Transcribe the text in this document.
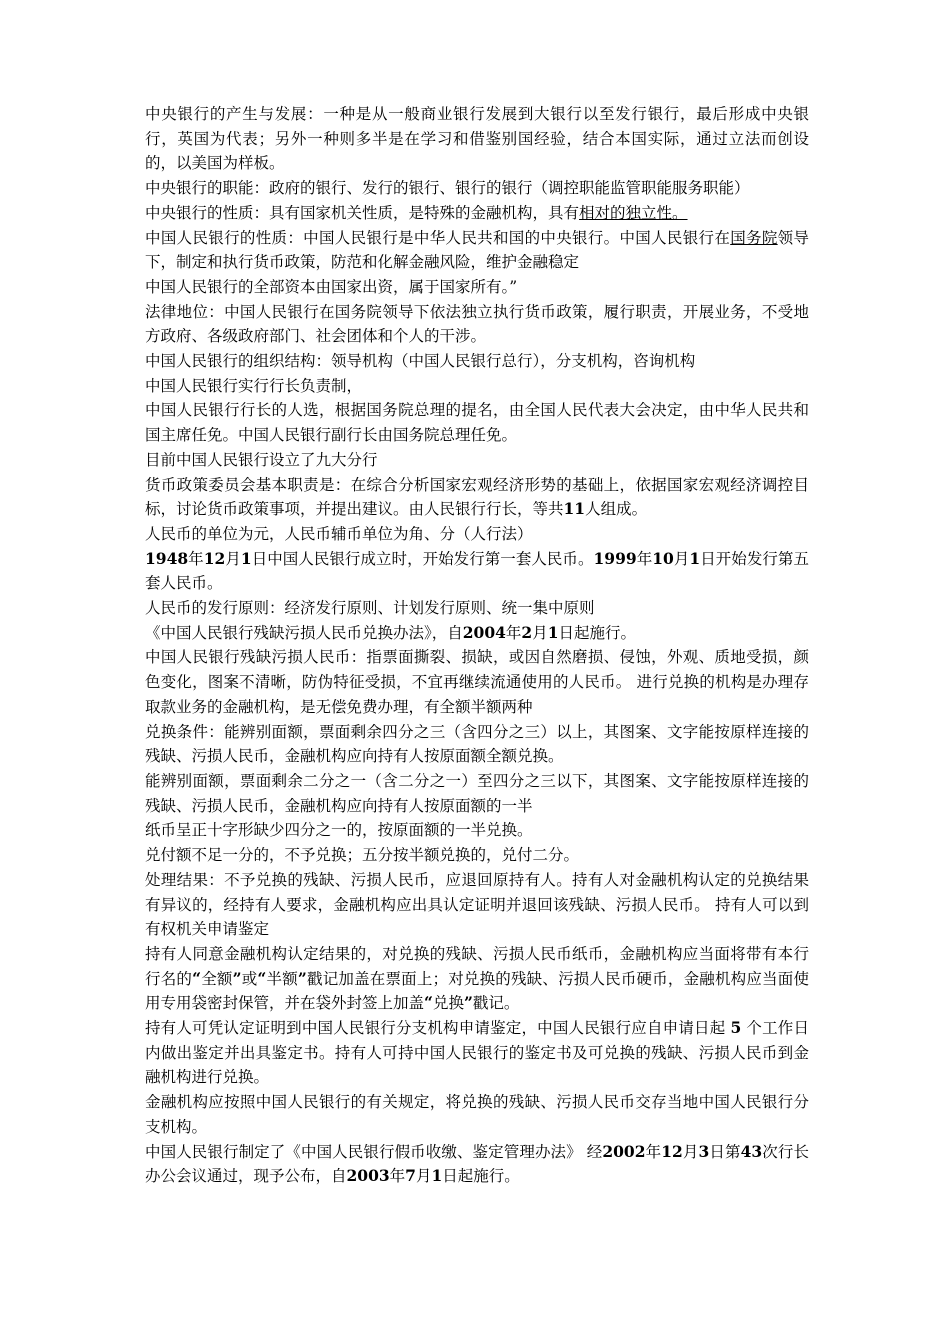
中央银行的产生与发展：一种是从一般商业银行发展到大银行以至发行银行，最后形成中央银行，英国为代表；另外一种则多半是在学习和借鉴别国经验，结合本国实际，通过立法而创设的，以美国为样板。

中央银行的职能：政府的银行、发行的银行、银行的银行（调控职能监管职能服务职能）

中央银行的性质：具有国家机关性质，是特殊的金融机构，具有相对的独立性。

中国人民银行的性质：中国人民银行是中华人民共和国的中央银行。中国人民银行在国务院领导下，制定和执行货币政策，防范和化解金融风险，维护金融稳定

中国人民银行的全部资本由国家出资，属于国家所有。”

法律地位：中国人民银行在国务院领导下依法独立执行货币政策，履行职责，开展业务，不受地方政府、各级政府部门、社会团体和个人的干涉。

中国人民银行的组织结构：领导机构（中国人民银行总行），分支机构，咨询机构

中国人民银行实行行长负责制，

中国人民银行行长的人选，根据国务院总理的提名，由全国人民代表大会决定，由中华人民共和国主席任免。中国人民银行副行长由国务院总理任免。

目前中国人民银行设立了九大分行

货币政策委员会基本职责是：在综合分析国家宏观经济形势的基础上，依据国家宏观经济调控目标，讨论货币政策事项，并提出建议。由人民银行行长，等共11人组成。

人民币的单位为元，人民币辅币单位为角、分（人行法）

1948年12月1日中国人民银行成立时，开始发行第一套人民币。1999年10月1日开始发行第五套人民币。

人民币的发行原则：经济发行原则、计划发行原则、统一集中原则

《中国人民银行残缺污损人民币兑换办法》，自2004年2月1日起施行。

中国人民银行残缺污损人民币：指票面撕裂、损缺，或因自然磨损、侵蚀，外观、质地受损，颜色变化，图案不清晰，防伪特征受损，不宜再继续流通使用的人民币。 进行兑换的机构是办理存取款业务的金融机构，是无偿免费办理，有全额半额两种

兑换条件：能辨别面额，票面剩余四分之三（含四分之三）以上，其图案、文字能按原样连接的残缺、污损人民币，金融机构应向持有人按原面额全额兑换。

能辨别面额，票面剩余二分之一（含二分之一）至四分之三以下，其图案、文字能按原样连接的残缺、污损人民币，金融机构应向持有人按原面额的一半

纸币呈正十字形缺少四分之一的，按原面额的一半兑换。

兑付额不足一分的，不予兑换；五分按半额兑换的，兑付二分。

处理结果：不予兑换的残缺、污损人民币，应退回原持有人。持有人对金融机构认定的兑换结果有异议的，经持有人要求，金融机构应出具认定证明并退回该残缺、污损人民币。 持有人可以到有权机关申请鉴定

持有人同意金融机构认定结果的，对兑换的残缺、污损人民币纸币，金融机构应当面将带有本行行名的“全额”或“半额”戳记加盖在票面上；对兑换的残缺、污损人民币硬币，金融机构应当面使用专用袋密封保管，并在袋外封签上加盖“兑换”戳记。

持有人可凭认定证明到中国人民银行分支机构申请鉴定，中国人民银行应自申请日起 5 个工作日内做出鉴定并出具鉴定书。持有人可持中国人民银行的鉴定书及可兑换的残缺、污损人民币到金融机构进行兑换。

金融机构应按照中国人民银行的有关规定，将兑换的残缺、污损人民币交存当地中国人民银行分支机构。

中国人民银行制定了《中国人民银行假币收缴、鉴定管理办法》 经2002年12月3日第43次行长办公会议通过，现予公布，自2003年7月1日起施行。
